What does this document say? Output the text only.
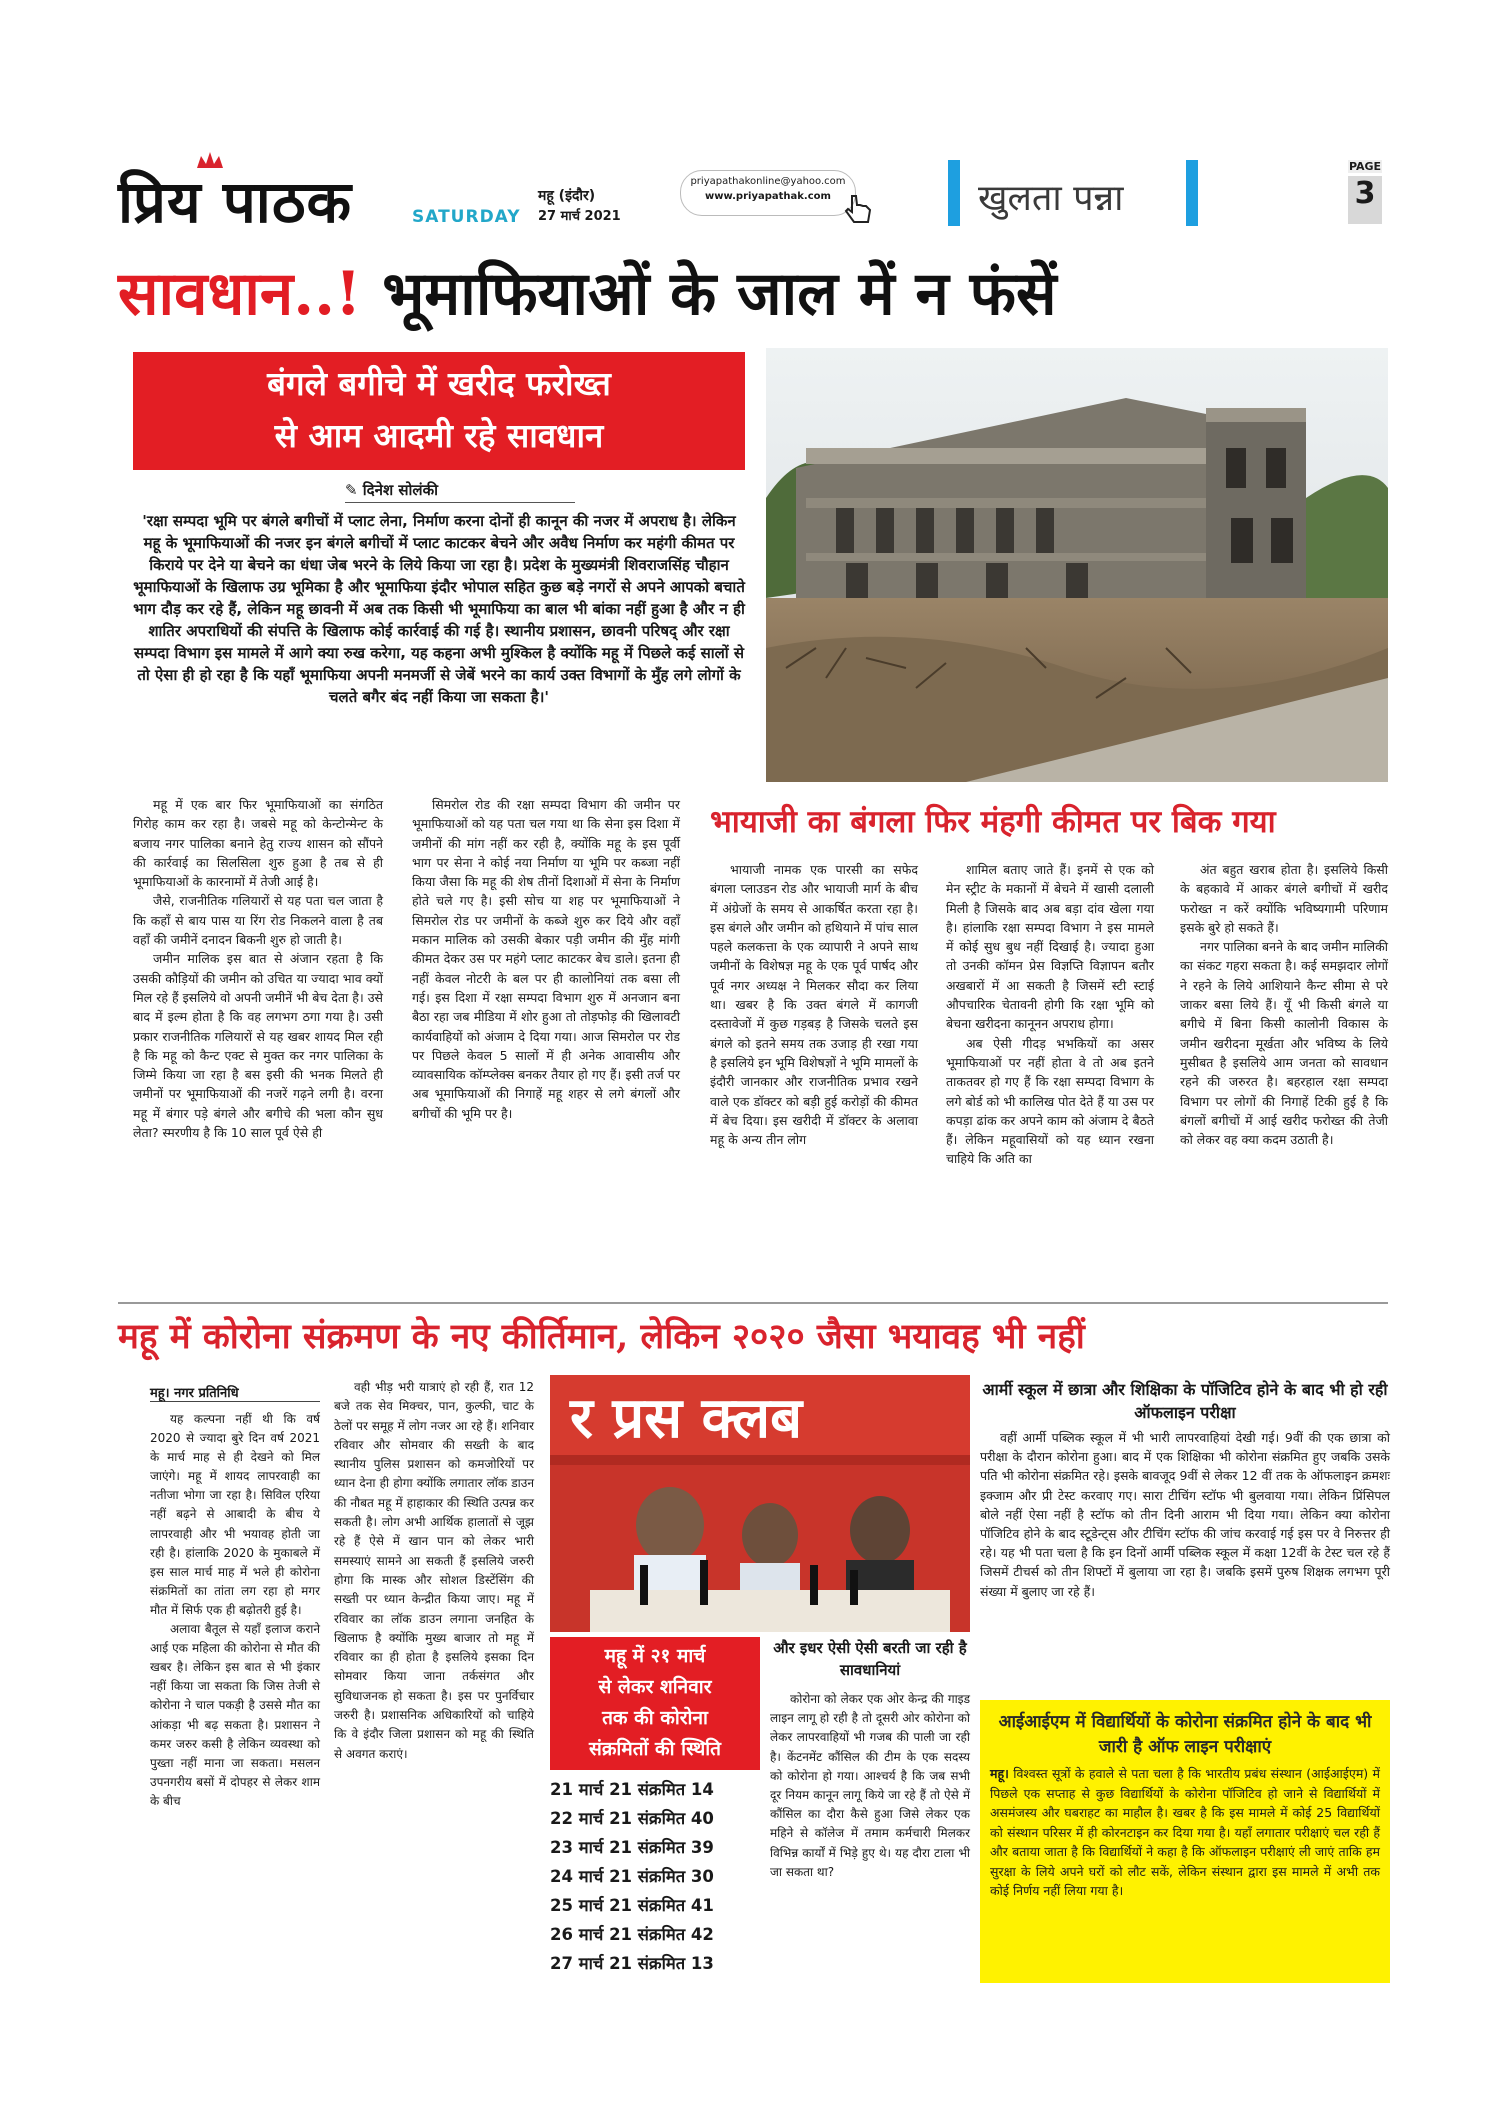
प्रिय पाठक	SATURDAY
महू (इंदौर)
27 मार्च 2021
priyapathakonline@yahoo.com
www.priyapathak.com	खुलता पन्ना
PAGE
3
सावधान..! भूमाफियाओं के जाल में न फंसें
बंगले बगीचे में खरीद फरोख्त
से आम आदमी रहे सावधान
✎ दिनेश सोलंकी
'रक्षा सम्पदा भूमि पर बंगले बगीचों में प्लाट लेना, निर्माण करना दोनों ही कानून की नजर में अपराध है। लेकिन महू के भूमाफियाओं की नजर इन बंगले बगीचों में प्लाट काटकर बेचने और अवैध निर्माण कर महंगी कीमत पर किराये पर देने या बेचने का धंधा जेब भरने के लिये किया जा रहा है। प्रदेश के मुख्यमंत्री शिवराजसिंह चौहान भूमाफियाओं के खिलाफ उग्र भूमिका है और भूमाफिया इंदौर भोपाल सहित कुछ बड़े नगरों से अपने आपको बचाते भाग दौड़ कर रहे हैं, लेकिन महू छावनी में अब तक किसी भी भूमाफिया का बाल भी बांका नहीं हुआ है और न ही शातिर अपराधियों की संपत्ति के खिलाफ कोई कार्रवाई की गई है। स्थानीय प्रशासन, छावनी परिषद् और रक्षा सम्पदा विभाग इस मामले में आगे क्या रुख करेगा, यह कहना अभी मुश्किल है क्योंकि महू में पिछले कई सालों से तो ऐसा ही हो रहा है कि यहाँ भूमाफिया अपनी मनमर्जी से जेबें भरने का कार्य उक्त विभागों के मुँह लगे लोगों के चलते बगैर बंद नहीं किया जा सकता है।'

महू में एक बार फिर भूमाफियाओं का संगठित गिरोह काम कर रहा है। जबसे महू को केन्टोन्मेन्ट के बजाय नगर पालिका बनाने हेतु राज्य शासन को सौंपने की कार्रवाई का सिलसिला शुरु हुआ है तब से ही भूमाफियाओं के कारनामों में तेजी आई है।

जैसे, राजनीतिक गलियारों से यह पता चल जाता है कि कहाँ से बाय पास या रिंग रोड निकलने वाला है तब वहाँ की जमीनें दनादन बिकनी शुरु हो जाती है।

जमीन मालिक इस बात से अंजान रहता है कि उसकी कौड़ियों की जमीन को उचित या ज्यादा भाव क्यों मिल रहे हैं इसलिये वो अपनी जमीनें भी बेच देता है। उसे बाद में इल्म होता है कि वह लगभग ठगा गया है। उसी प्रकार राजनीतिक गलियारों से यह खबर शायद मिल रही है कि महू को कैन्ट एक्ट से मुक्त कर नगर पालिका के जिम्मे किया जा रहा है बस इसी की भनक मिलते ही जमीनों पर भूमाफियाओं की नजरें गढ़ने लगी है। वरना महू में बंगार पड़े बंगले और बगीचे की भला कौन सुध लेता? स्मरणीय है कि 10 साल पूर्व ऐसे ही

सिमरोल रोड की रक्षा सम्पदा विभाग की जमीन पर भूमाफियाओं को यह पता चल गया था कि सेना इस दिशा में जमीनों की मांग नहीं कर रही है, क्योंकि महू के इस पूर्वी भाग पर सेना ने कोई नया निर्माण या भूमि पर कब्जा नहीं किया जैसा कि महू की शेष तीनों दिशाओं में सेना के निर्माण होते चले गए है। इसी सोच या शह पर भूमाफियाओं ने सिमरोल रोड पर जमीनों के कब्जे शुरु कर दिये और वहाँ मकान मालिक को उसकी बेकार पड़ी जमीन की मुँह मांगी कीमत देकर उस पर महंगे प्लाट काटकर बेच डाले। इतना ही नहीं केवल नोटरी के बल पर ही कालोनियां तक बसा ली गई। इस दिशा में रक्षा सम्पदा विभाग शुरु में अनजान बना बैठा रहा जब मीडिया में शोर हुआ तो तोड़फोड़ की खिलावटी कार्यवाहियों को अंजाम दे दिया गया। आज सिमरोल पर रोड पर पिछले केवल 5 सालों में ही अनेक आवासीय और व्यावसायिक कॉम्प्लेक्स बनकर तैयार हो गए हैं। इसी तर्ज पर अब भूमाफियाओं की निगाहें महू शहर से लगे बंगलों और बगीचों की भूमि पर है।

भायाजी का बंगला फिर मंहगी कीमत पर बिक गया

भायाजी नामक एक पारसी का सफेद बंगला प्लाउडन रोड और भायाजी मार्ग के बीच में अंग्रेजों के समय से आकर्षित करता रहा है। इस बंगले और जमीन को हथियाने में पांच साल पहले कलकत्ता के एक व्यापारी ने अपने साथ जमीनों के विशेषज्ञ महू के एक पूर्व पार्षद और पूर्व नगर अध्यक्ष ने मिलकर सौदा कर लिया था। खबर है कि उक्त बंगले में कागजी दस्तावेजों में कुछ गड़बड़ है जिसके चलते इस बंगले को इतने समय तक उजाड़ ही रखा गया है इसलिये इन भूमि विशेषज्ञों ने भूमि मामलों के इंदौरी जानकार और राजनीतिक प्रभाव रखने वाले एक डॉक्टर को बड़ी हुई करोड़ों की कीमत में बेच दिया। इस खरीदी में डॉक्टर के अलावा महू के अन्य तीन लोग

शामिल बताए जाते हैं। इनमें से एक को मेन स्ट्रीट के मकानों में बेचने में खासी दलाली मिली है जिसके बाद अब बड़ा दांव खेला गया है। हांलाकि रक्षा सम्पदा विभाग ने इस मामले में कोई सुध बुध नहीं दिखाई है। ज्यादा हुआ तो उनकी कॉमन प्रेस विज्ञप्ति विज्ञापन बतौर अखबारों में आ सकती है जिसमें स्टी स्टाई औपचारिक चेतावनी होगी कि रक्षा भूमि को बेचना खरीदना कानूनन अपराध होगा।

अब ऐसी गीदड़ भभकियों का असर भूमाफियाओं पर नहीं होता वे तो अब इतने ताकतवर हो गए हैं कि रक्षा सम्पदा विभाग के लगे बोर्ड को भी कालिख पोत देते हैं या उस पर कपड़ा ढांक कर अपने काम को अंजाम दे बैठते हैं। लेकिन महूवासियों को यह ध्यान रखना चाहिये कि अति का

अंत बहुत खराब होता है। इसलिये किसी के बहकावे में आकर बंगले बगीचों में खरीद फरोख्त न करें क्योंकि भविष्यगामी परिणाम इसके बुरे हो सकते हैं।

नगर पालिका बनने के बाद जमीन मालिकी का संकट गहरा सकता है। कई समझदार लोगों ने रहने के लिये आशियाने कैन्ट सीमा से परे जाकर बसा लिये हैं। यूँ भी किसी बंगले या बगीचे में बिना किसी कालोनी विकास के जमीन खरीदना मूर्खता और भविष्य के लिये मुसीबत है इसलिये आम जनता को सावधान रहने की जरुरत है। बहरहाल रक्षा सम्पदा विभाग पर लोगों की निगाहें टिकी हुई है कि बंगलों बगीचों में आई खरीद फरोख्त की तेजी को लेकर वह क्या कदम उठाती है।

महू में कोरोना संक्रमण के नए कीर्तिमान, लेकिन २०२० जैसा भयावह भी नहीं
महू। नगर प्रतिनिधि

यह कल्पना नहीं थी कि वर्ष 2020 से ज्यादा बुरे दिन वर्ष 2021 के मार्च माह से ही देखने को मिल जाएंगे। महू में शायद लापरवाही का नतीजा भोगा जा रहा है। सिविल एरिया नहीं बढ़ने से आबादी के बीच ये लापरवाही और भी भयावह होती जा रही है। हांलाकि 2020 के मुकाबले में इस साल मार्च माह में भले ही कोरोना संक्रमितों का तांता लग रहा हो मगर मौत में सिर्फ एक ही बढ़ोतरी हुई है।

अलावा बैतूल से यहाँ इलाज कराने आई एक महिला की कोरोना से मौत की खबर है। लेकिन इस बात से भी इंकार नहीं किया जा सकता कि जिस तेजी से कोरोना ने चाल पकड़ी है उससे मौत का आंकड़ा भी बढ़ सकता है। प्रशासन ने कमर जरुर कसी है लेकिन व्यवस्था को पुख्ता नहीं माना जा सकता। मसलन उपनगरीय बसों में दोपहर से लेकर शाम के बीच

वही भीड़ भरी यात्राएं हो रही हैं, रात 12 बजे तक सेव मिक्चर, पान, कुल्फी, चाट के ठेलों पर समूह में लोग नजर आ रहे हैं। शनिवार रविवार और सोमवार की सख्ती के बाद स्थानीय पुलिस प्रशासन को कमजोरियों पर ध्यान देना ही होगा क्योंकि लगातार लॉक डाउन की नौबत महू में हाहाकार की स्थिति उत्पन्न कर सकती है। लोग अभी आर्थिक हालातों से जूझ रहे हैं ऐसे में खान पान को लेकर भारी समस्याएं सामने आ सकती हैं इसलिये जरुरी होगा कि मास्क और सोशल डिस्टेंसिंग की सख्ती पर ध्यान केन्द्रीत किया जाए। महू में रविवार का लॉक डाउन लगाना जनहित के खिलाफ है क्योंकि मुख्य बाजार तो महू में रविवार का ही होता है इसलिये इसका दिन सोमवार किया जाना तर्कसंगत और सुविधाजनक हो सकता है। इस पर पुनर्विचार जरुरी है। प्रशासनिक अधिकारियों को चाहिये कि वे इंदौर जिला प्रशासन को महू की स्थिति से अवगत कराएं।

र प्रस क्लब
महू में २१ मार्च
से लेकर शनिवार
तक की कोरोना
संक्रमितों की स्थिति
21 मार्च 21 संक्रमित 14
22 मार्च 21 संक्रमित 40
23 मार्च 21 संक्रमित 39
24 मार्च 21 संक्रमित 30
25 मार्च 21 संक्रमित 41
26 मार्च 21 संक्रमित 42
27 मार्च 21 संक्रमित 13
और इधर ऐसी ऐसी बरती जा रही है सावधानियां

कोरोना को लेकर एक ओर केन्द्र की गाइड लाइन लागू हो रही है तो दूसरी ओर कोरोना को लेकर लापरवाहियों भी गजब की पाली जा रही है। केंटनमेंट कौंसिल की टीम के एक सदस्य को कोरोना हो गया। आश्चर्य है कि जब सभी दूर नियम कानून लागू किये जा रहे हैं तो ऐसे में कौंसिल का दौरा कैसे हुआ जिसे लेकर एक महिने से कॉलेज में तमाम कर्मचारी मिलकर विभिन्न कार्यों में भिड़े हुए थे। यह दौरा टाला भी जा सकता था?

आर्मी स्कूल में छात्रा और शिक्षिका के पॉजिटिव होने के बाद भी हो रही ऑफलाइन परीक्षा

वहीं आर्मी पब्लिक स्कूल में भी भारी लापरवाहियां देखी गई। 9वीं की एक छात्रा को परीक्षा के दौरान कोरोना हुआ। बाद में एक शिक्षिका भी कोरोना संक्रमित हुए जबकि उसके पति भी कोरोना संक्रमित रहे। इसके बावजूद 9वीं से लेकर 12 वीं तक के ऑफलाइन क्रमशः इक्जाम और प्री टेस्ट करवाए गए। सारा टीचिंग स्टॉफ भी बुलवाया गया। लेकिन प्रिंसिपल बोले नहीं ऐसा नहीं है स्टॉफ को तीन दिनी आराम भी दिया गया। लेकिन क्या कोरोना पॉजिटिव होने के बाद स्टूडेन्ट्स और टीचिंग स्टॉफ की जांच करवाई गई इस पर वे निरुत्तर ही रहे। यह भी पता चला है कि इन दिनों आर्मी पब्लिक स्कूल में कक्षा 12वीं के टेस्ट चल रहे हैं जिसमें टीचर्स को तीन शिफ्टों में बुलाया जा रहा है। जबकि इसमें पुरुष शिक्षक लगभग पूरी संख्या में बुलाए जा रहे हैं।

आईआईएम में विद्यार्थियों के कोरोना संक्रमित होने के बाद भी जारी है ऑफ लाइन परीक्षाएं
महू। विश्वस्त सूत्रों के हवाले से पता चला है कि भारतीय प्रबंध संस्थान (आईआईएम) में पिछले एक सप्ताह से कुछ विद्यार्थियों के कोरोना पॉजिटिव हो जाने से विद्यार्थियों में असमंजस्य और घबराहट का माहौल है। खबर है कि इस मामले में कोई 25 विद्यार्थियों को संस्थान परिसर में ही कोरनटाइन कर दिया गया है। यहाँ लगातार परीक्षाएं चल रही हैं और बताया जाता है कि विद्यार्थियों ने कहा है कि ऑफलाइन परीक्षाएं ली जाएं ताकि हम सुरक्षा के लिये अपने घरों को लौट सकें, लेकिन संस्थान द्वारा इस मामले में अभी तक कोई निर्णय नहीं लिया गया है।
